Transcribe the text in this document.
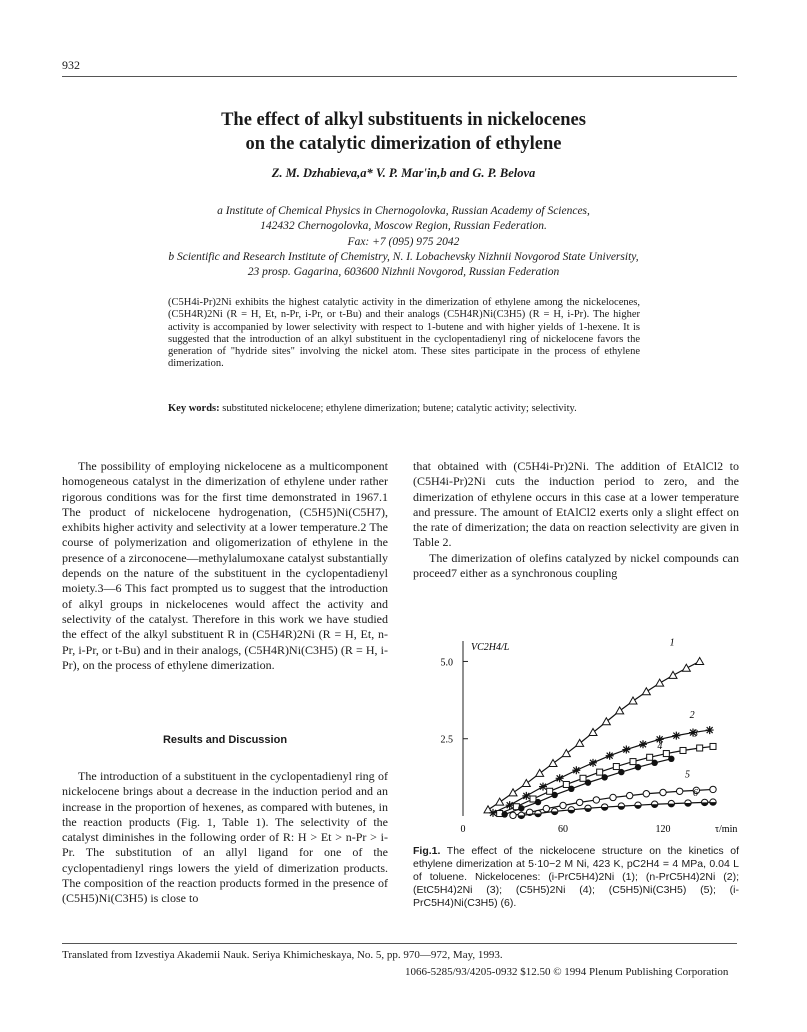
932
The effect of alkyl substituents in nickelocenes
on the catalytic dimerization of ethylene
Z. M. Dzhabieva,a* V. P. Mar'in,b and G. P. Belova
a Institute of Chemical Physics in Chernogolovka, Russian Academy of Sciences,
142432 Chernogolovka, Moscow Region, Russian Federation.
Fax: +7 (095) 975 2042
b Scientific and Research Institute of Chemistry, N. I. Lobachevsky Nizhnii Novgorod State University,
23 prosp. Gagarina, 603600 Nizhnii Novgorod, Russian Federation

(C5H4i-Pr)2Ni exhibits the highest catalytic activity in the dimerization of ethylene among the nickelocenes, (C5H4R)2Ni (R = H, Et, n-Pr, i-Pr, or t-Bu) and their analogs (C5H4R)Ni(C3H5) (R = H, i-Pr). The higher activity is accompanied by lower selectivity with respect to 1-butene and with higher yields of 1-hexene. It is suggested that the introduction of an alkyl substituent in the cyclopentadienyl ring of nickelocene favors the generation of "hydride sites" involving the nickel atom. These sites participate in the process of ethylene dimerization.

Key words: substituted nickelocene; ethylene dimerization; butene; catalytic activity; selectivity.

The possibility of employing nickelocene as a multicomponent homogeneous catalyst in the dimerization of ethylene under rather rigorous conditions was for the first time demonstrated in 1967.1 The product of nickelocene hydrogenation, (C5H5)Ni(C5H7), exhibits higher activity and selectivity at a lower temperature.2 The course of polymerization and oligomerization of ethylene in the presence of a zirconocene—methylalumoxane catalyst substantially depends on the nature of the substituent in the cyclopentadienyl moiety.3—6 This fact prompted us to suggest that the introduction of alkyl groups in nickelocenes would affect the activity and selectivity of the catalyst. Therefore in this work we have studied the effect of the alkyl substituent R in (C5H4R)2Ni (R = H, Et, n-Pr, i-Pr, or t-Bu) and in their analogs, (C5H4R)Ni(C3H5) (R = H, i-Pr), on the process of ethylene dimerization.

Results and Discussion

The introduction of a substituent in the cyclopentadienyl ring of nickelocene brings about a decrease in the induction period and an increase in the proportion of hexenes, as compared with butenes, in the reaction products (Fig. 1, Table 1). The selectivity of the catalyst diminishes in the following order of R: H > Et > n-Pr > i-Pr. The substitution of an allyl ligand for one of the cyclopentadienyl rings lowers the yield of dimerization products. The composition of the reaction products formed in the presence of (C5H5)Ni(C3H5) is close to

that obtained with (C5H4i-Pr)2Ni. The addition of EtAlCl2 to (C5H4i-Pr)2Ni cuts the induction period to zero, and the dimerization of ethylene occurs in this case at a lower temperature and pressure. The amount of EtAlCl2 exerts only a slight effect on the rate of dimerization; the data on reaction selectivity are given in Table 2.

The dimerization of olefins catalyzed by nickel compounds can proceed7 either as a synchronous coupling

2.5
5.0
0	60	120
VC2H4/L
τ/min
1
2
3
4
5
6

Fig.1. The effect of the nickelocene structure on the kinetics of ethylene dimerization at 5·10−2 M Ni, 423 K, pC2H4 = 4 MPa, 0.04 L of toluene. Nickelocenes: (i-PrC5H4)2Ni (1); (n-PrC5H4)2Ni (2); (EtC5H4)2Ni (3); (C5H5)2Ni (4); (C5H5)Ni(C3H5) (5); (i-PrC5H4)Ni(C3H5) (6).

Translated from Izvestiya Akademii Nauk. Seriya Khimicheskaya, No. 5, pp. 970—972, May, 1993.
1066-5285/93/4205-0932 $12.50 © 1994 Plenum Publishing Corporation
